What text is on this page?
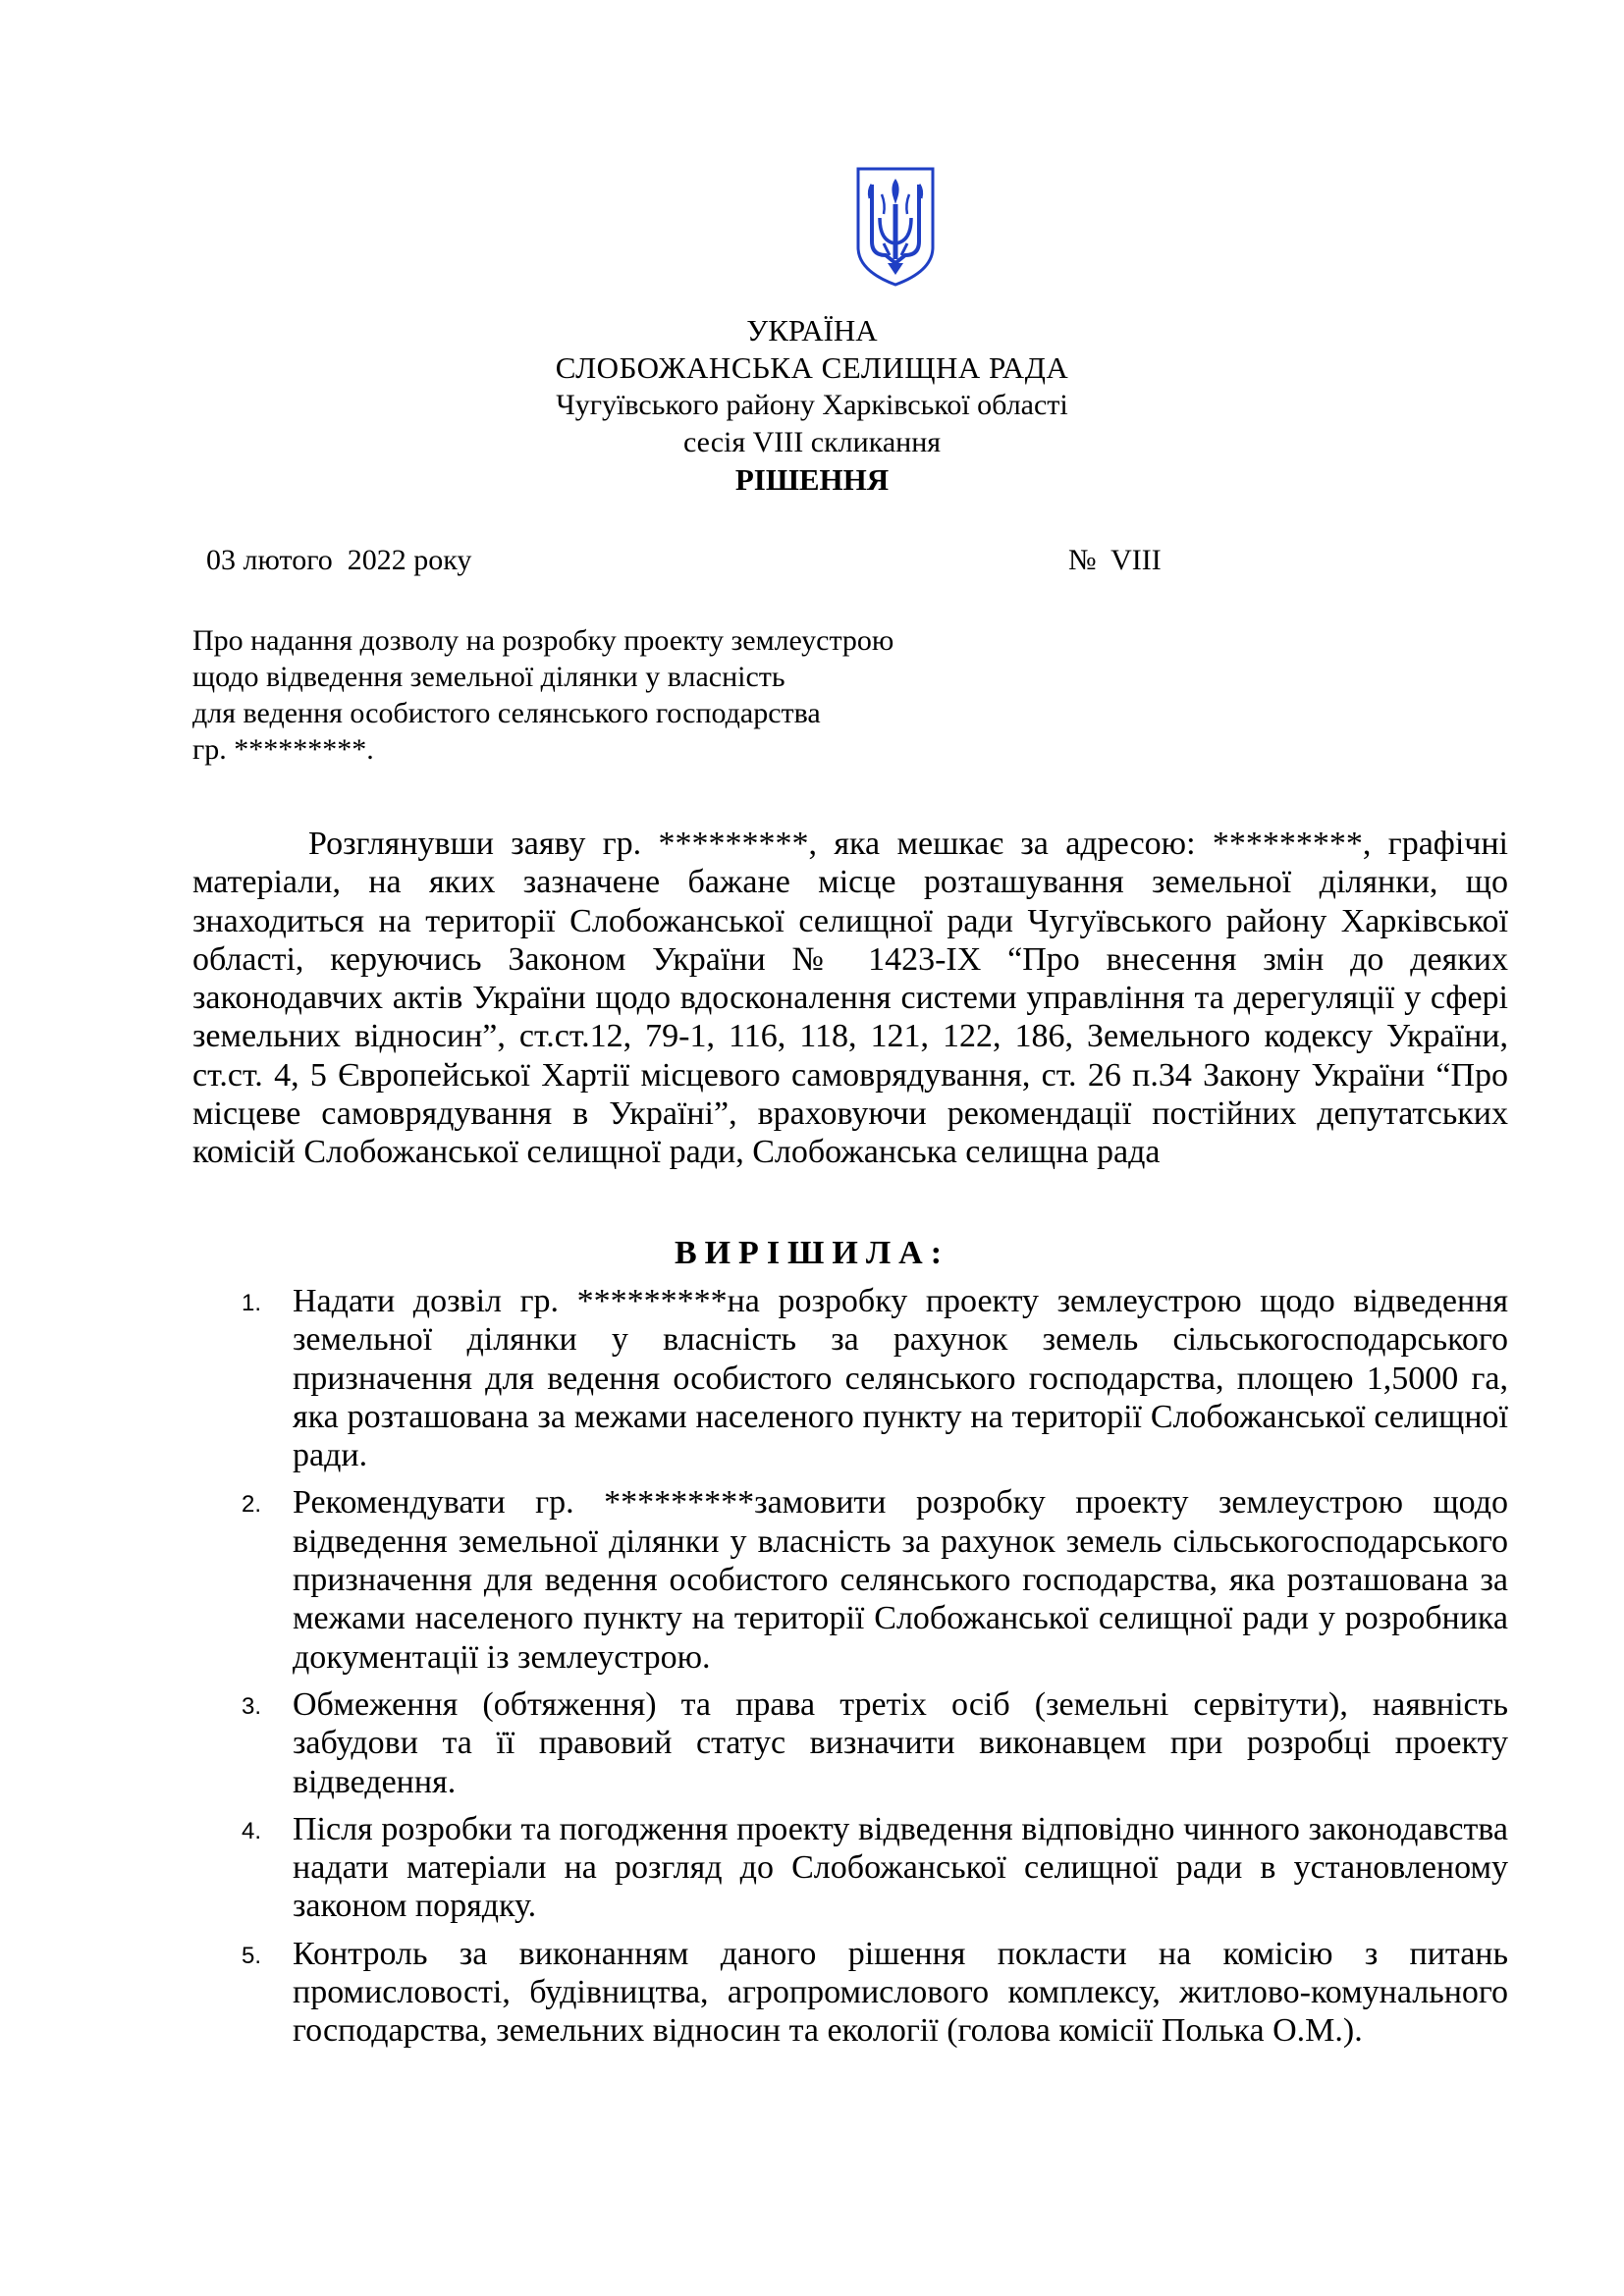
УКРАЇНА
СЛОБОЖАНСЬКА СЕЛИЩНА РАДА
Чугуївського району Харківської області
сесія VIII скликання
РІШЕННЯ
03 лютого  2022 року	№  VIII
Про надання дозволу на розробку проекту землеустрою
щодо відведення земельної ділянки у власність
для ведення особистого селянського господарства
гр. *********.

Розглянувши заяву гр. *********, яка мешкає за адресою: *********, графічні матеріали, на яких зазначене бажане місце розташування земельної ділянки, що знаходиться на території Слобожанської селищної ради Чугуївського району Харківської області, керуючись Законом України № 1423-IX “Про внесення змін до деяких законодавчих актів України щодо вдосконалення системи управління та дерегуляції у сфері земельних відносин”, ст.ст.12, 79-1, 116, 118, 121, 122, 186, Земельного кодексу України, ст.ст. 4, 5 Європейської Хартії місцевого самоврядування, ст. 26 п.34 Закону України “Про місцеве самоврядування в Україні”, враховуючи рекомендації постійних депутатських комісій Слобожанської селищної ради, Слобожанська селищна рада

ВИРІШИЛА:
1. Надати дозвіл гр. *********на розробку проекту землеустрою щодо відведення земельної ділянки у власність за рахунок земель сільськогосподарського призначення для ведення особистого селянського господарства, площею 1,5000 га, яка розташована за межами населеного пункту на території Слобожанської селищної ради.
2. Рекомендувати гр. *********замовити розробку проекту землеустрою щодо відведення земельної ділянки у власність за рахунок земель сільськогосподарського призначення для ведення особистого селянського господарства, яка розташована за межами населеного пункту на території Слобожанської селищної ради у розробника документації із землеустрою.
3. Обмеження (обтяження) та права третіх осіб (земельні сервітути), наявність забудови та її правовий статус визначити виконавцем при розробці проекту відведення.
4. Після розробки та погодження проекту відведення відповідно чинного законодавства надати матеріали на розгляд до Слобожанської селищної ради в установленому законом порядку.
5. Контроль за виконанням даного рішення покласти на комісію з питань промисловості, будівництва, агропромислового комплексу, житлово-комунального господарства, земельних відносин та екології (голова комісії Полька О.М.).
